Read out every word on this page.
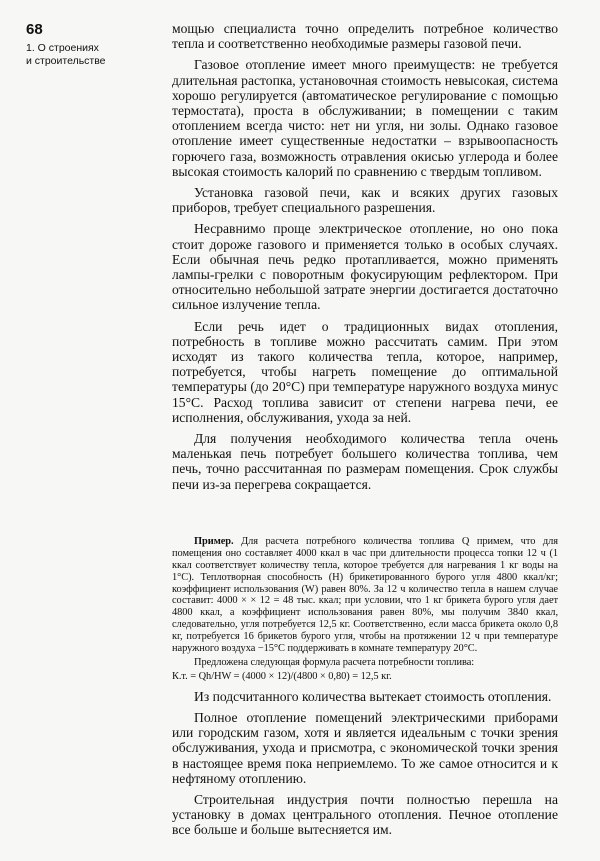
68
1. О строениях
и строительстве

мощью специалиста точно определить потребное количество тепла и соответственно необходимые размеры газовой печи.

Газовое отопление имеет много преимуществ: не требуется длительная растопка, установочная стоимость невысокая, система хорошо регулируется (автоматическое регулирование с помощью термостата), проста в обслуживании; в помещении с таким отоплением всегда чисто: нет ни угля, ни золы. Однако газовое отопление имеет существенные недостатки – взрывоопасность горючего газа, возможность отравления окисью углерода и более высокая стоимость калорий по сравнению с твердым топливом.

Установка газовой печи, как и всяких других газовых приборов, требует специального разрешения.

Несравнимо проще электрическое отопление, но оно пока стоит дороже газового и применяется только в особых случаях. Если обычная печь редко протапливается, можно применять лампы-грелки с поворотным фокусирующим рефлектором. При относительно небольшой затрате энергии достигается достаточно сильное излучение тепла.

Если речь идет о традиционных видах отопления, потребность в топливе можно рассчитать самим. При этом исходят из такого количества тепла, которое, например, потребуется, чтобы нагреть помещение до оптимальной температуры (до 20°C) при температуре наружного воздуха минус 15°C. Расход топлива зависит от степени нагрева печи, ее исполнения, обслуживания, ухода за ней.

Для получения необходимого количества тепла очень маленькая печь потребует большего количества топлива, чем печь, точно рассчитанная по размерам помещения. Срок службы печи из-за перегрева сокращается.

Пример. Для расчета потребного количества топлива Q примем, что для помещения оно составляет 4000 ккал в час при длительности процесса топки 12 ч (1 ккал соответствует количеству тепла, которое требуется для нагревания 1 кг воды на 1°C). Теплотворная способность (H) брикетированного бурого угля 4800 ккал/кг; коэффициент использования (W) равен 80%. За 12 ч количество тепла в нашем случае составит: 4000 × × 12 = 48 тыс. ккал; при условии, что 1 кг брикета бурого угля дает 4800 ккал, а коэффициент использования равен 80%, мы получим 3840 ккал, следовательно, угля потребуется 12,5 кг. Соответственно, если масса брикета около 0,8 кг, потребуется 16 брикетов бурого угля, чтобы на протяжении 12 ч при температуре наружного воздуха −15°C поддерживать в комнате температуру 20°C.

Предложена следующая формула расчета потребности топлива:

К.т. = Qh/HW = (4000 × 12)/(4800 × 0,80) = 12,5 кг.

Из подсчитанного количества вытекает стоимость отопления.

Полное отопление помещений электрическими приборами или городским газом, хотя и является идеальным с точки зрения обслуживания, ухода и присмотра, с экономической точки зрения в настоящее время пока неприемлемо. То же самое относится и к нефтяному отоплению.

Строительная индустрия почти полностью перешла на установку в домах центрального отопления. Печное отопление все больше и больше вытесняется им.
